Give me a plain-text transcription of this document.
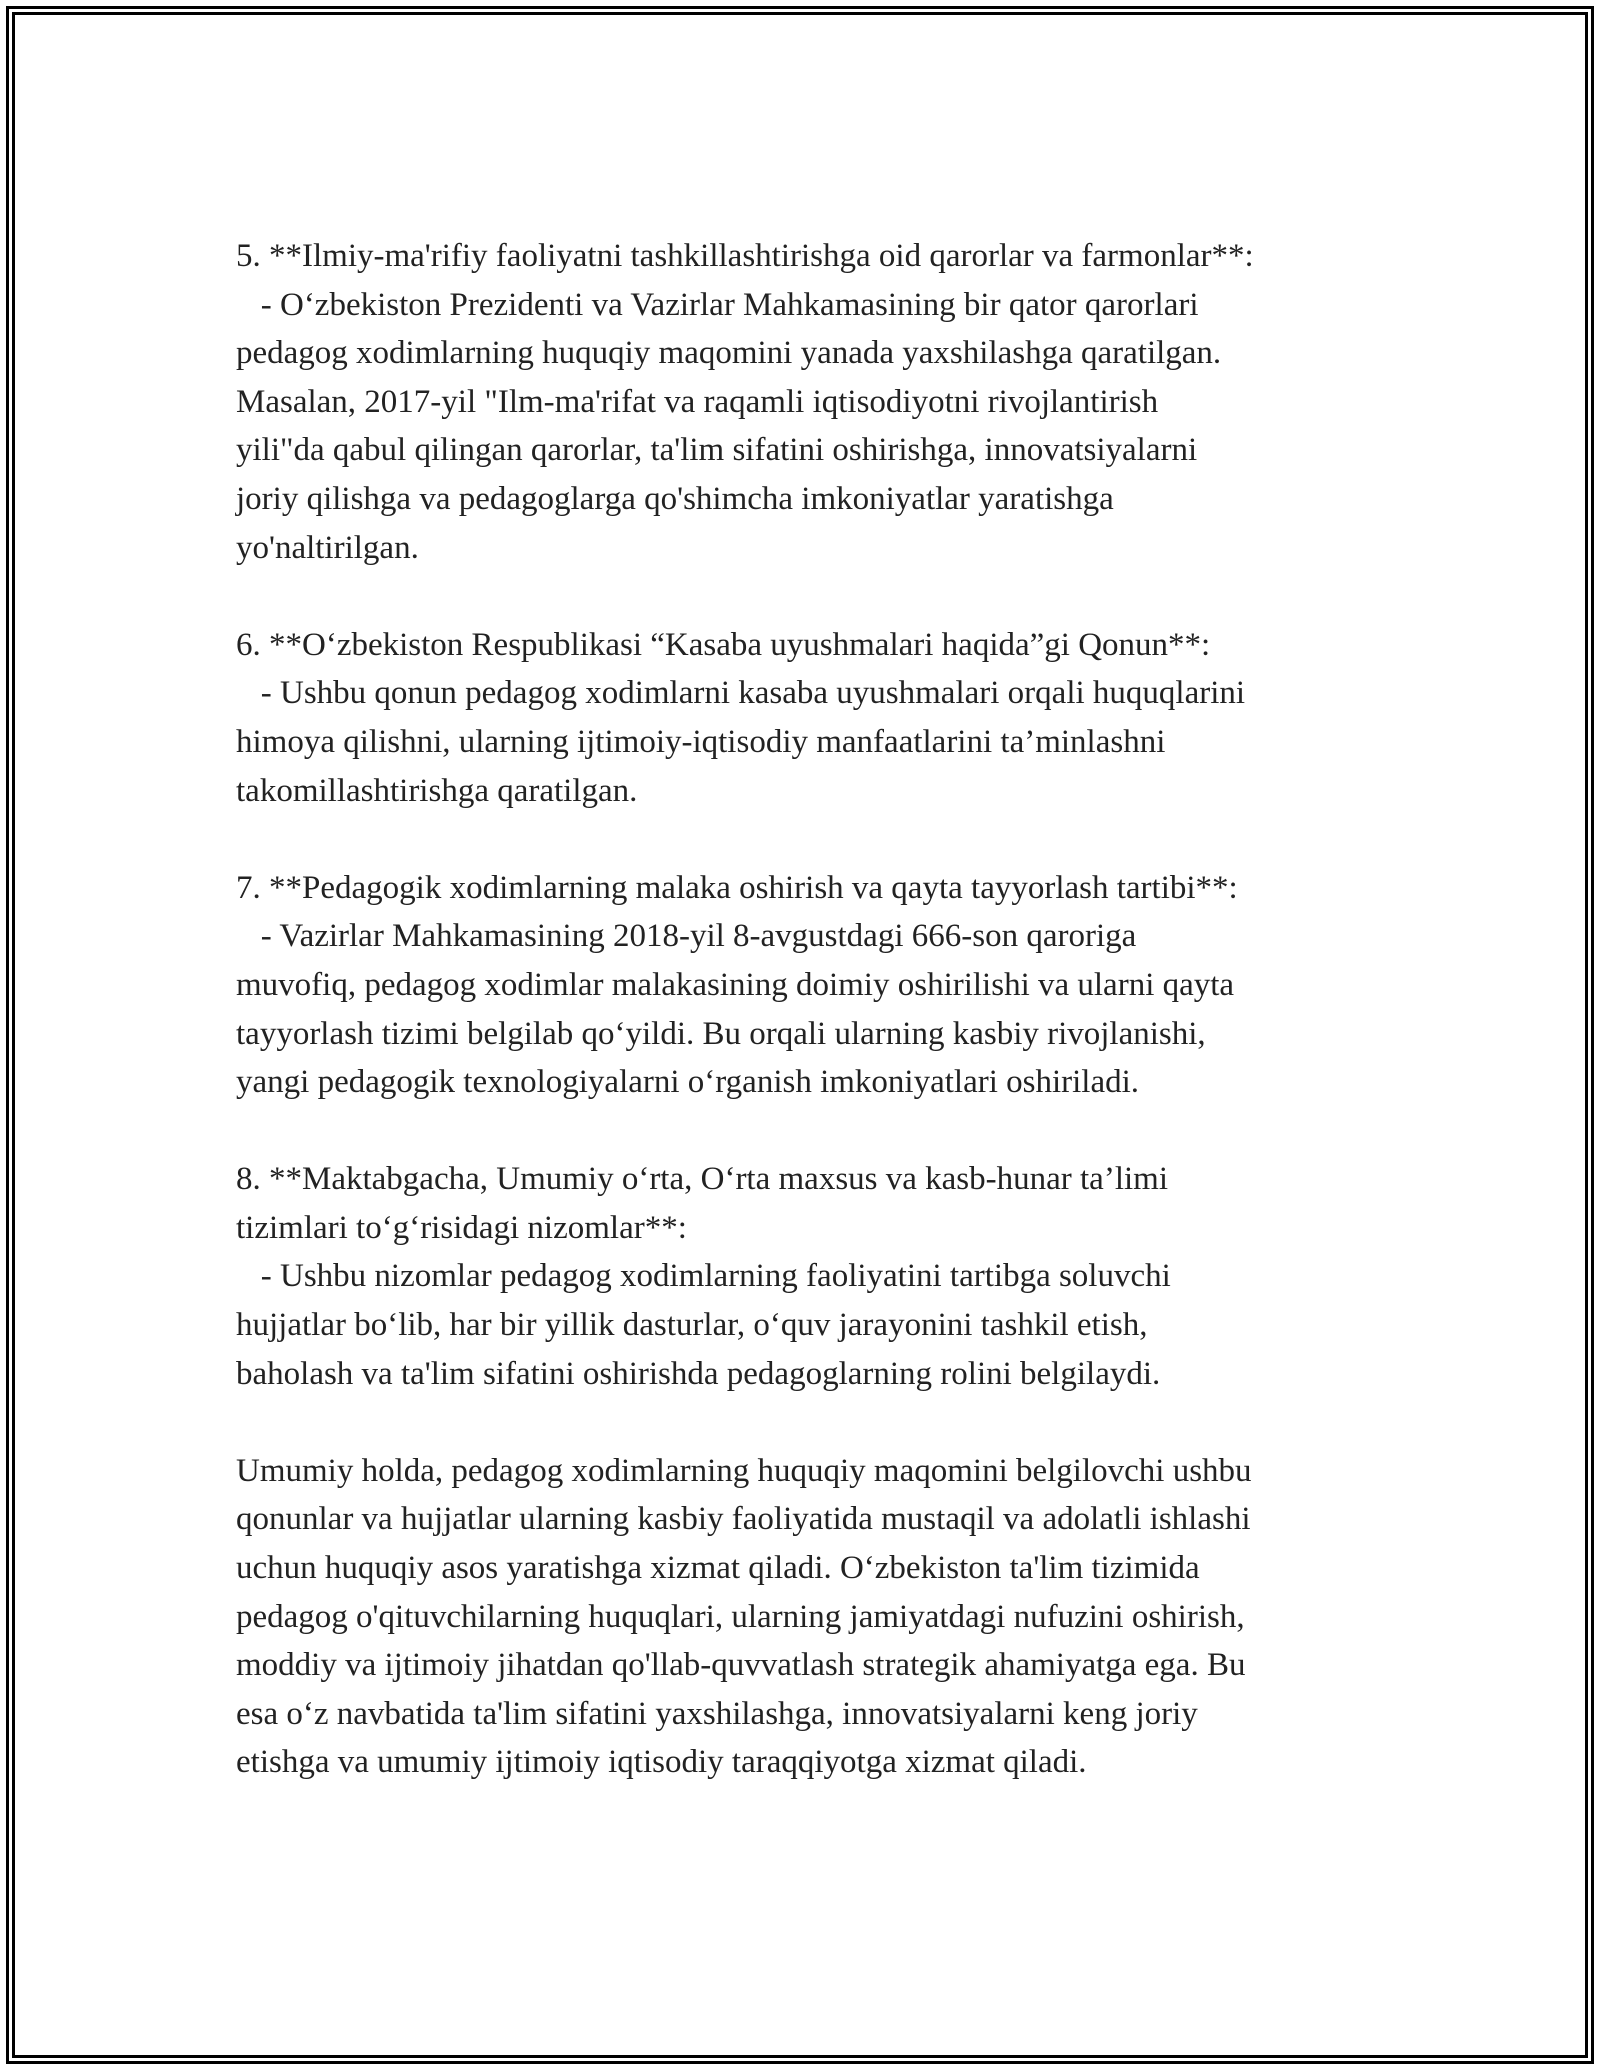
5. **Ilmiy-ma'rifiy faoliyatni tashkillashtirishga oid qarorlar va farmonlar**:
- O‘zbekiston Prezidenti va Vazirlar Mahkamasining bir qator qarorlari
pedagog xodimlarning huquqiy maqomini yanada yaxshilashga qaratilgan.
Masalan, 2017-yil "Ilm-ma'rifat va raqamli iqtisodiyotni rivojlantirish
yili"da qabul qilingan qarorlar, ta'lim sifatini oshirishga, innovatsiyalarni
joriy qilishga va pedagoglarga qo'shimcha imkoniyatlar yaratishga
yo'naltirilgan.
6. **O‘zbekiston Respublikasi “Kasaba uyushmalari haqida”gi Qonun**:
- Ushbu qonun pedagog xodimlarni kasaba uyushmalari orqali huquqlarini
himoya qilishni, ularning ijtimoiy-iqtisodiy manfaatlarini ta’minlashni
takomillashtirishga qaratilgan.
7. **Pedagogik xodimlarning malaka oshirish va qayta tayyorlash tartibi**:
- Vazirlar Mahkamasining 2018-yil 8-avgustdagi 666-son qaroriga
muvofiq, pedagog xodimlar malakasining doimiy oshirilishi va ularni qayta
tayyorlash tizimi belgilab qo‘yildi. Bu orqali ularning kasbiy rivojlanishi,
yangi pedagogik texnologiyalarni o‘rganish imkoniyatlari oshiriladi.
8. **Maktabgacha, Umumiy o‘rta, O‘rta maxsus va kasb-hunar ta’limi
tizimlari to‘g‘risidagi nizomlar**:
- Ushbu nizomlar pedagog xodimlarning faoliyatini tartibga soluvchi
hujjatlar bo‘lib, har bir yillik dasturlar, o‘quv jarayonini tashkil etish,
baholash va ta'lim sifatini oshirishda pedagoglarning rolini belgilaydi.
Umumiy holda, pedagog xodimlarning huquqiy maqomini belgilovchi ushbu
qonunlar va hujjatlar ularning kasbiy faoliyatida mustaqil va adolatli ishlashi
uchun huquqiy asos yaratishga xizmat qiladi. O‘zbekiston ta'lim tizimida
pedagog o'qituvchilarning huquqlari, ularning jamiyatdagi nufuzini oshirish,
moddiy va ijtimoiy jihatdan qo'llab-quvvatlash strategik ahamiyatga ega. Bu
esa o‘z navbatida ta'lim sifatini yaxshilashga, innovatsiyalarni keng joriy
etishga va umumiy ijtimoiy iqtisodiy taraqqiyotga xizmat qiladi.
